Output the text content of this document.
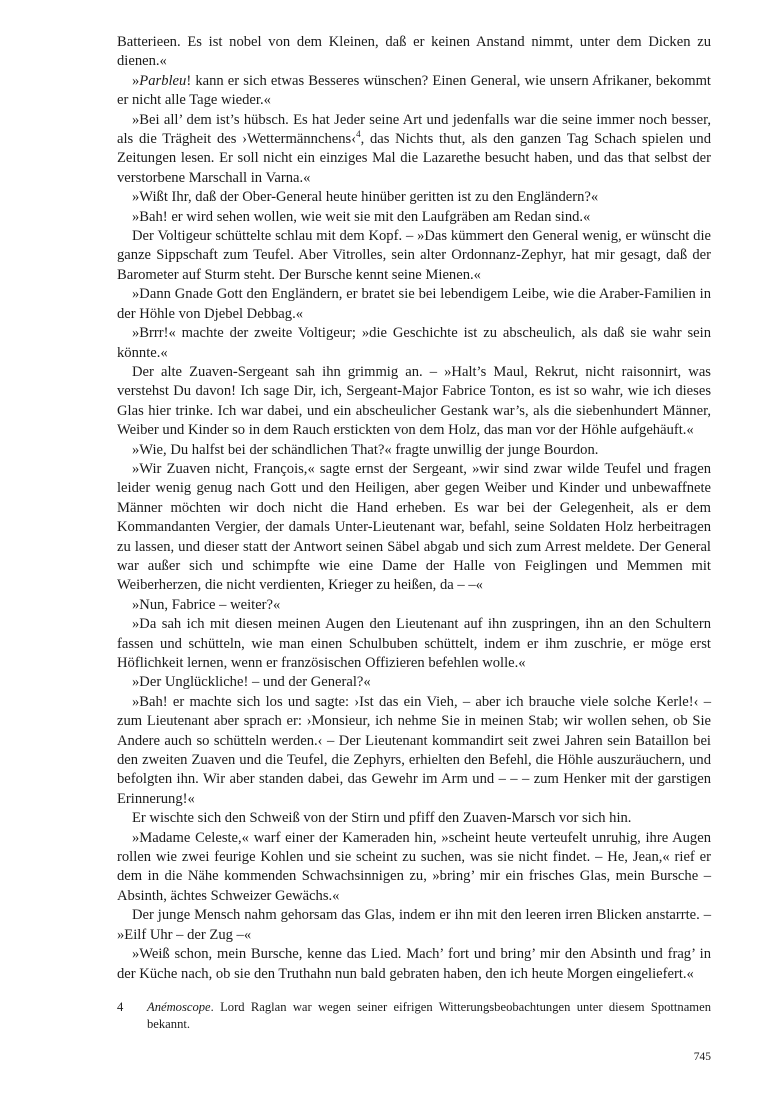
Batterieen. Es ist nobel von dem Kleinen, daß er keinen Anstand nimmt, unter dem Dicken zu dienen.«

»Parbleu! kann er sich etwas Besseres wünschen? Einen General, wie unsern Afrikaner, bekommt er nicht alle Tage wieder.«

»Bei all’ dem ist’s hübsch. Es hat Jeder seine Art und jedenfalls war die seine immer noch besser, als die Trägheit des ›Wettermännchens‹$^4$, das Nichts thut, als den ganzen Tag Schach spielen und Zeitungen lesen. Er soll nicht ein einziges Mal die Lazarethe besucht haben, und das that selbst der verstorbene Marschall in Varna.«

»Wißt Ihr, daß der Ober-General heute hinüber geritten ist zu den Engländern?«

»Bah! er wird sehen wollen, wie weit sie mit den Laufgräben am Redan sind.«

Der Voltigeur schüttelte schlau mit dem Kopf. – »Das kümmert den General wenig, er wünscht die ganze Sippschaft zum Teufel. Aber Vitrolles, sein alter Ordonnanz-Zephyr, hat mir gesagt, daß der Barometer auf Sturm steht. Der Bursche kennt seine Mienen.«

»Dann Gnade Gott den Engländern, er bratet sie bei lebendigem Leibe, wie die Araber-Familien in der Höhle von Djebel Debbag.«

»Brrr!« machte der zweite Voltigeur; »die Geschichte ist zu abscheulich, als daß sie wahr sein könnte.«

Der alte Zuaven-Sergeant sah ihn grimmig an. – »Halt’s Maul, Rekrut, nicht raisonnirt, was verstehst Du davon! Ich sage Dir, ich, Sergeant-Major Fabrice Tonton, es ist so wahr, wie ich dieses Glas hier trinke. Ich war dabei, und ein abscheulicher Gestank war’s, als die siebenhundert Männer, Weiber und Kinder so in dem Rauch erstickten von dem Holz, das man vor der Höhle aufgehäuft.«

»Wie, Du halfst bei der schändlichen That?« fragte unwillig der junge Bourdon.

»Wir Zuaven nicht, François,« sagte ernst der Sergeant, »wir sind zwar wilde Teufel und fragen leider wenig genug nach Gott und den Heiligen, aber gegen Weiber und Kinder und unbewaffnete Männer möchten wir doch nicht die Hand erheben. Es war bei der Gelegenheit, als er dem Kommandanten Vergier, der damals Unter-Lieutenant war, befahl, seine Soldaten Holz herbeitragen zu lassen, und dieser statt der Antwort seinen Säbel abgab und sich zum Arrest meldete. Der General war außer sich und schimpfte wie eine Dame der Halle von Feiglingen und Memmen mit Weiberherzen, die nicht verdienten, Krieger zu heißen, da – –«

»Nun, Fabrice – weiter?«

»Da sah ich mit diesen meinen Augen den Lieutenant auf ihn zuspringen, ihn an den Schultern fassen und schütteln, wie man einen Schulbuben schüttelt, indem er ihm zuschrie, er möge erst Höflichkeit lernen, wenn er französischen Offizieren befehlen wolle.«

»Der Unglückliche! – und der General?«

»Bah! er machte sich los und sagte: ›Ist das ein Vieh, – aber ich brauche viele solche Kerle!‹ – zum Lieutenant aber sprach er: ›Monsieur, ich nehme Sie in meinen Stab; wir wollen sehen, ob Sie Andere auch so schütteln werden.‹ – Der Lieutenant kommandirt seit zwei Jahren sein Bataillon bei den zweiten Zuaven und die Teufel, die Zephyrs, erhielten den Befehl, die Höhle auszuräuchern, und befolgten ihn. Wir aber standen dabei, das Gewehr im Arm und – – – zum Henker mit der garstigen Erinnerung!«

Er wischte sich den Schweiß von der Stirn und pfiff den Zuaven-Marsch vor sich hin.

»Madame Celeste,« warf einer der Kameraden hin, »scheint heute verteufelt unruhig, ihre Augen rollen wie zwei feurige Kohlen und sie scheint zu suchen, was sie nicht findet. – He, Jean,« rief er dem in die Nähe kommenden Schwachsinnigen zu, »bring’ mir ein frisches Glas, mein Bursche – Absinth, ächtes Schweizer Gewächs.«

Der junge Mensch nahm gehorsam das Glas, indem er ihn mit den leeren irren Blicken anstarrte. – »Eilf Uhr – der Zug –«

»Weiß schon, mein Bursche, kenne das Lied. Mach’ fort und bring’ mir den Absinth und frag’ in der Küche nach, ob sie den Truthahn nun bald gebraten haben, den ich heute Morgen eingeliefert.«

4	Anémoscope. Lord Raglan war wegen seiner eifrigen Witterungsbeobachtungen unter diesem Spottnamen bekannt.
745
